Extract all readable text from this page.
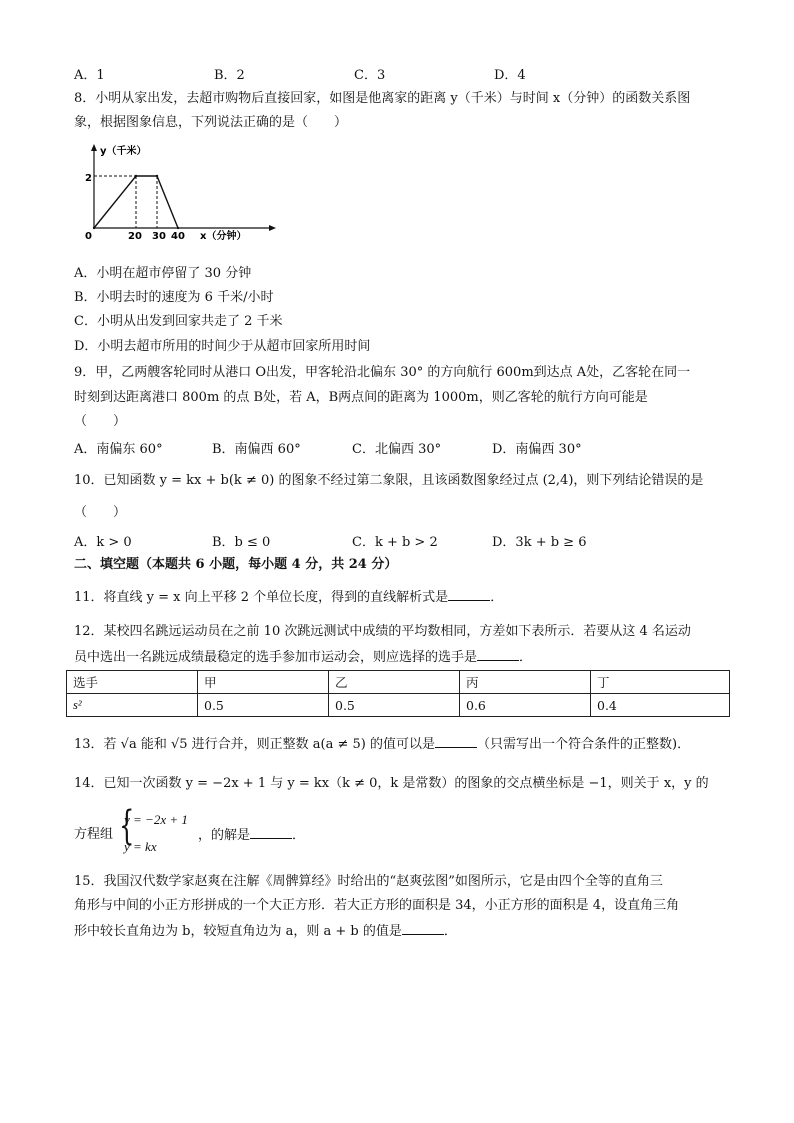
A．1	B．2	C．3	D．4
8．小明从家出发，去超市购物后直接回家，如图是他离家的距离 y（千米）与时间 x（分钟）的函数关系图
象，根据图象信息，下列说法正确的是（　　）
y（千米）
x（分钟）
0
2
20 30 40
A．小明在超市停留了 30 分钟
B．小明去时的速度为 6 千米/小时
C．小明从出发到回家共走了 2 千米
D．小明去超市所用的时间少于从超市回家所用时间
9．甲，乙两艘客轮同时从港口 O出发，甲客轮沿北偏东 30° 的方向航行 600m到达点 A处，乙客轮在同一
时刻到达距离港口 800m 的点 B处，若 A，B两点间的距离为 1000m，则乙客轮的航行方向可能是
（　　）
A．南偏东 60°	B．南偏西 60°	C．北偏西 30°	D．南偏西 30°
10．已知函数 y = kx + b(k ≠ 0) 的图象不经过第二象限，且该函数图象经过点 (2,4)，则下列结论错误的是
（　　）
A．k > 0	B．b ≤ 0	C．k + b > 2	D．3k + b ≥ 6
二、填空题（本题共 6 小题，每小题 4 分，共 24 分）
11．将直线 y = x 向上平移 2 个单位长度，得到的直线解析式是	．
12．某校四名跳远运动员在之前 10 次跳远测试中成绩的平均数相同，方差如下表所示．若要从这 4 名运动
员中选出一名跳远成绩最稳定的选手参加市运动会，则应选择的选手是	．
选手	甲	乙	丙	丁
s²	0.5	0.5	0.6	0.4
13．若 √a 能和 √5 进行合并，则正整数 a(a ≠ 5) 的值可以是	（只需写出一个符合条件的正整数)．
14．已知一次函数 y = −2x + 1 与 y = kx（k ≠ 0，k 是常数）的图象的交点横坐标是 −1，则关于 x，y 的
方程组 {
y = −2x + 1
y = kx
，的解是	．
15．我国汉代数学家赵爽在注解《周髀算经》时给出的“赵爽弦图”如图所示，它是由四个全等的直角三
角形与中间的小正方形拼成的一个大正方形．若大正方形的面积是 34，小正方形的面积是 4，设直角三角
形中较长直角边为 b，较短直角边为 a，则 a + b 的值是	．
